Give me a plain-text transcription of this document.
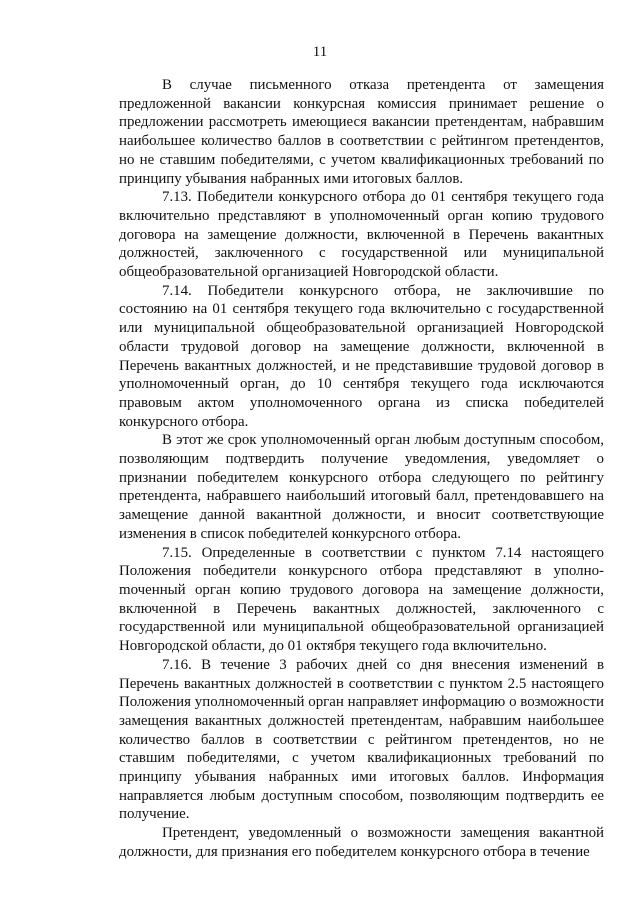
11

В случае письменного отказа претендента от замещения предложенной вакансии конкурсная комиссия принимает решение о предложении рассмотреть имеющиеся вакансии претендентам, набравшим наибольшее количество баллов в соответствии с рейтингом претендентов, но не ставшим победителями, с учетом квалификационных требований по принципу убывания набранных ими итоговых баллов.

7.13. Победители конкурсного отбора до 01 сентября текущего года включительно представляют в уполномоченный орган копию трудового договора на замещение должности, включенной в Перечень вакантных должностей, заключенного с государственной или муниципальной общеобразовательной организацией Новгородской области.

7.14. Победители конкурсного отбора, не заключившие по состоянию на 01 сентября текущего года включительно с государственной или муниципальной общеобразовательной организацией Новгородской области трудовой договор на замещение должности, включенной в Перечень вакантных должностей, и не представившие трудовой договор в уполномоченный орган, до 10 сентября текущего года исключаются правовым актом уполномоченного органа из списка победителей конкурсного отбора.

В этот же срок уполномоченный орган любым доступным способом, позволяющим подтвердить получение уведомления, уведомляет о признании победителем конкурсного отбора следующего по рейтингу претендента, набравшего наибольший итоговый балл, претендовавшего на замещение данной вакантной должности, и вносит соответствующие изменения в список победителей конкурсного отбора.

7.15. Определенные в соответствии с пунктом 7.14 настоящего Положения победители конкурсного отбора представляют в уполноmоченный орган копию трудового договора на замещение должности, включенной в Перечень вакантных должностей, заключенного с государственной или муниципальной общеобразовательной организацией Новгородской области, до 01 октября текущего года включительно.

7.16. В течение 3 рабочих дней со дня внесения изменений в Перечень вакантных должностей в соответствии с пунктом 2.5 настоящего Положения уполномоченный орган направляет информацию о возможности замещения вакантных должностей претендентам, набравшим наибольшее количество баллов в соответствии с рейтингом претендентов, но не ставшим победителями, с учетом квалификационных требований по принципу убывания набранных ими итоговых баллов. Информация направляется любым доступным способом, позволяющим подтвердить ее получение.

Претендент, уведомленный о возможности замещения вакантной должности, для признания его победителем конкурсного отбора в течение
